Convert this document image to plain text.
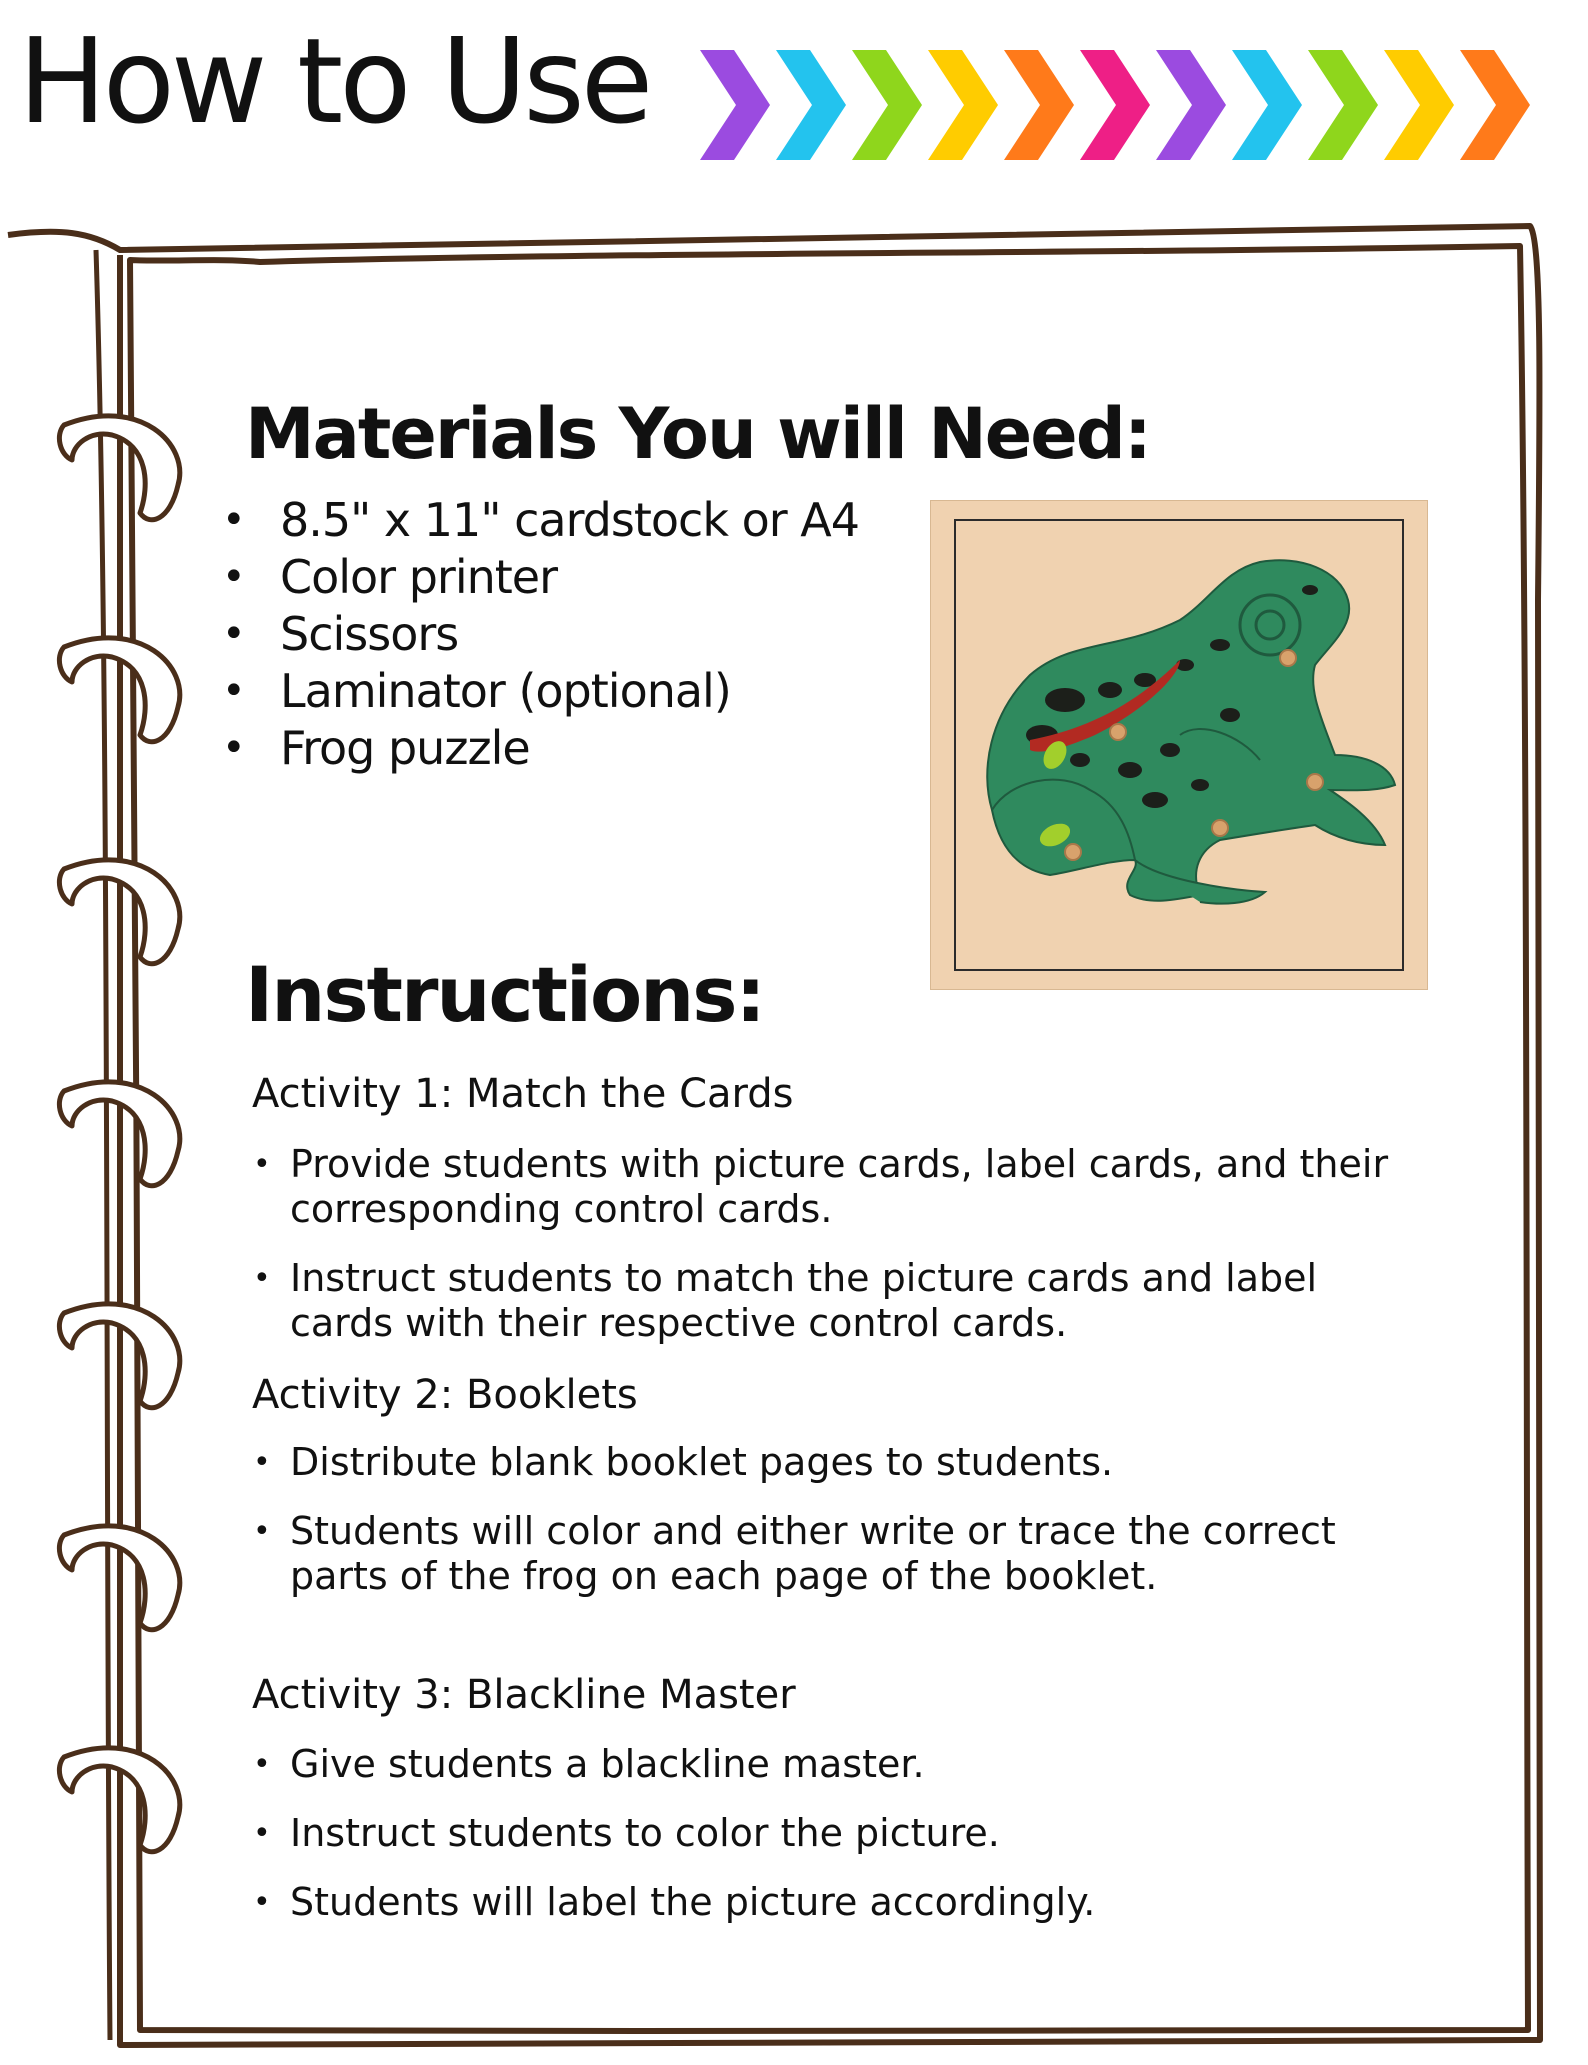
How to Use
Materials You will Need:
• 8.5" x 11" cardstock or A4
• Color printer
• Scissors
• Laminator (optional)
• Frog puzzle
Instructions:
Activity 1: Match the Cards
• Provide students with picture cards, label cards, and their corresponding control cards.
• Instruct students to match the picture cards and label cards with their respective control cards.
Activity 2: Booklets
• Distribute blank booklet pages to students.
• Students will color and either write or trace the correct parts of the frog on each page of the booklet.
Activity 3: Blackline Master
• Give students a blackline master.
• Instruct students to color the picture.
• Students will label the picture accordingly.
